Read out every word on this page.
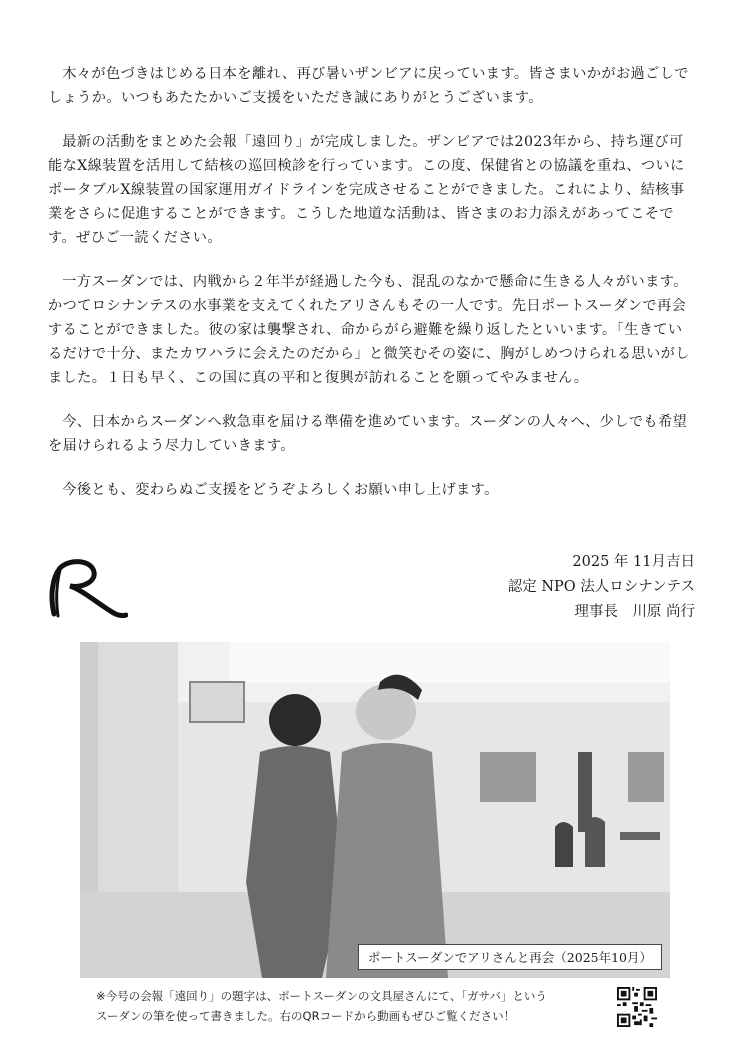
木々が色づきはじめる日本を離れ、再び暑いザンビアに戻っています。皆さまいかがお過ごしでしょうか。いつもあたたかいご支援をいただき誠にありがとうございます。

最新の活動をまとめた会報「遠回り」が完成しました。ザンビアでは2023年から、持ち運び可能なX線装置を活用して結核の巡回検診を行っています。この度、保健省との協議を重ね、ついにポータブルX線装置の国家運用ガイドラインを完成させることができました。これにより、結核事業をさらに促進することができます。こうした地道な活動は、皆さまのお力添えがあってこそです。ぜひご一読ください。

一方スーダンでは、内戦から２年半が経過した今も、混乱のなかで懸命に生きる人々がいます。かつてロシナンテスの水事業を支えてくれたアリさんもその一人です。先日ポートスーダンで再会することができました。彼の家は襲撃され、命からがら避難を繰り返したといいます。「生きているだけで十分、またカワハラに会えたのだから」と微笑むその姿に、胸がしめつけられる思いがしました。１日も早く、この国に真の平和と復興が訪れることを願ってやみません。

今、日本からスーダンへ救急車を届ける準備を進めています。スーダンの人々へ、少しでも希望を届けられるよう尽力していきます。

今後とも、変わらぬご支援をどうぞよろしくお願い申し上げます。

2025 年 11月吉日
認定 NPO 法人ロシナンテス
理事長　川原 尚行
ポートスーダンでアリさんと再会（2025年10月）
※今号の会報「遠回り」の題字は、ポートスーダンの文具屋さんにて、「ガサバ」という
スーダンの筆を使って書きました。右のQRコードから動画もぜひご覧ください！
